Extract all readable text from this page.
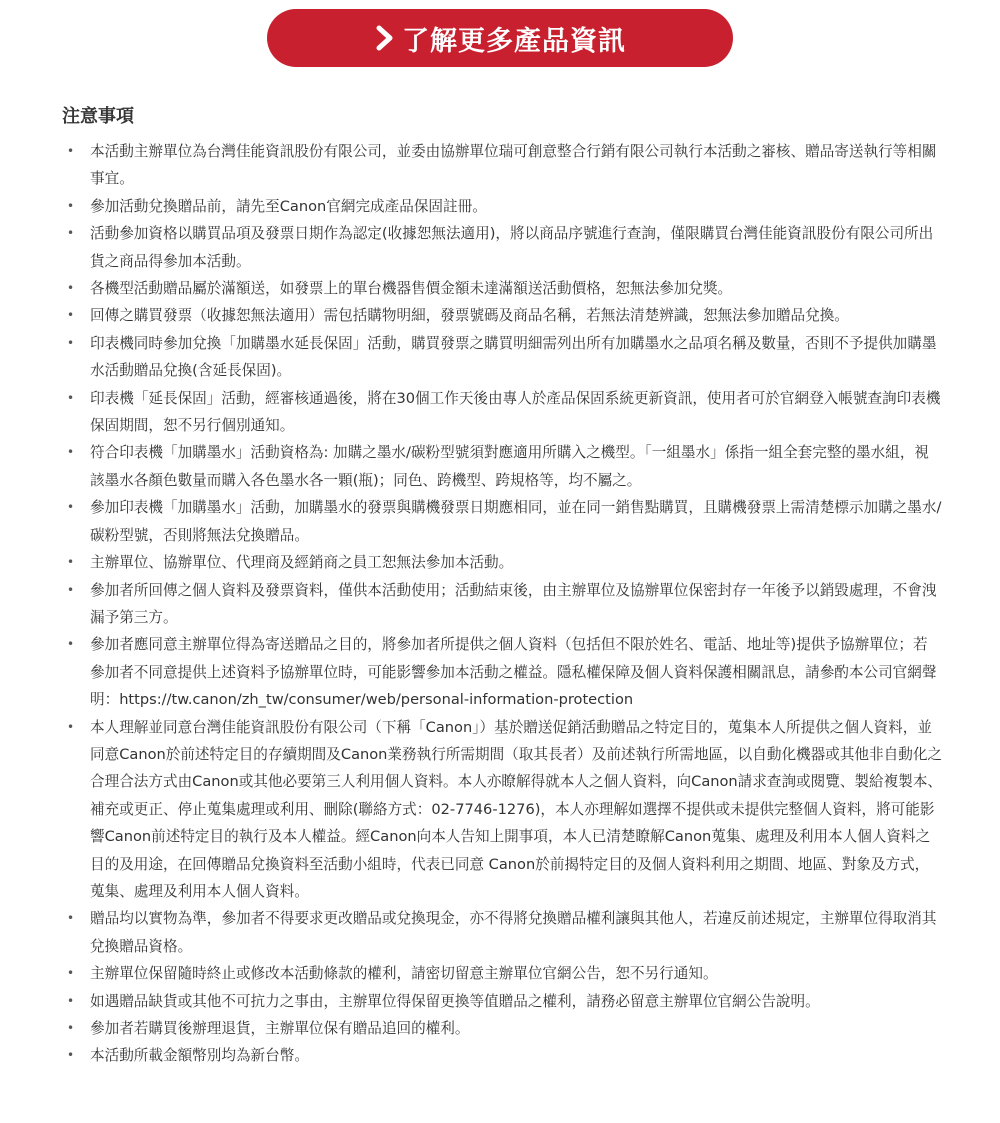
了解更多產品資訊
注意事項
• 本活動主辦單位為台灣佳能資訊股份有限公司，並委由協辦單位瑞可創意整合行銷有限公司執行本活動之審核、贈品寄送執行等相關事宜。
• 參加活動兌換贈品前，請先至Canon官網完成產品保固註冊。
• 活動參加資格以購買品項及發票日期作為認定(收據恕無法適用)，將以商品序號進行查詢，僅限購買台灣佳能資訊股份有限公司所出貨之商品得參加本活動。
• 各機型活動贈品屬於滿額送，如發票上的單台機器售價金額未達滿額送活動價格，恕無法參加兌獎。
• 回傳之購買發票（收據恕無法適用）需包括購物明細，發票號碼及商品名稱，若無法清楚辨識，恕無法參加贈品兌換。
• 印表機同時參加兌換「加購墨水延長保固」活動，購買發票之購買明細需列出所有加購墨水之品項名稱及數量，否則不予提供加購墨水活動贈品兌換(含延長保固)。
• 印表機「延長保固」活動，經審核通過後，將在30個工作天後由專人於產品保固系統更新資訊，使用者可於官網登入帳號查詢印表機保固期間，恕不另行個別通知。
• 符合印表機「加購墨水」活動資格為: 加購之墨水/碳粉型號須對應適用所購入之機型。「一組墨水」係指一組全套完整的墨水組，視該墨水各顏色數量而購入各色墨水各一顆(瓶)；同色、跨機型、跨規格等，均不屬之。
• 參加印表機「加購墨水」活動，加購墨水的發票與購機發票日期應相同，並在同一銷售點購買，且購機發票上需清楚標示加購之墨水/碳粉型號，否則將無法兌換贈品。
• 主辦單位、協辦單位、代理商及經銷商之員工恕無法參加本活動。
• 參加者所回傳之個人資料及發票資料，僅供本活動使用；活動結束後，由主辦單位及協辦單位保密封存一年後予以銷毀處理，不會洩漏予第三方。
• 參加者應同意主辦單位得為寄送贈品之目的，將參加者所提供之個人資料（包括但不限於姓名、電話、地址等)提供予協辦單位；若參加者不同意提供上述資料予協辦單位時，可能影響參加本活動之權益。隱私權保障及個人資料保護相關訊息，請參酌本公司官網聲明：https://tw.canon/zh_tw/consumer/web/personal-information-protection
• 本人理解並同意台灣佳能資訊股份有限公司（下稱「Canon」）基於贈送促銷活動贈品之特定目的，蒐集本人所提供之個人資料，並同意Canon於前述特定目的存續期間及Canon業務執行所需期間（取其長者）及前述執行所需地區，以自動化機器或其他非自動化之合理合法方式由Canon或其他必要第三人利用個人資料。本人亦瞭解得就本人之個人資料，向Canon請求查詢或閱覽、製給複製本、補充或更正、停止蒐集處理或利用、刪除(聯絡方式：02-7746-1276)，本人亦理解如選擇不提供或未提供完整個人資料，將可能影響Canon前述特定目的執行及本人權益。經Canon向本人告知上開事項，本人已清楚瞭解Canon蒐集、處理及利用本人個人資料之目的及用途，在回傳贈品兌換資料至活動小組時，代表已同意 Canon於前揭特定目的及個人資料利用之期間、地區、對象及方式，蒐集、處理及利用本人個人資料。
• 贈品均以實物為準，參加者不得要求更改贈品或兌換現金，亦不得將兌換贈品權利讓與其他人，若違反前述規定，主辦單位得取消其兌換贈品資格。
• 主辦單位保留隨時終止或修改本活動條款的權利，請密切留意主辦單位官網公告，恕不另行通知。
• 如遇贈品缺貨或其他不可抗力之事由，主辦單位得保留更換等值贈品之權利，請務必留意主辦單位官網公告說明。
• 參加者若購買後辦理退貨，主辦單位保有贈品追回的權利。
• 本活動所載金額幣別均為新台幣。
